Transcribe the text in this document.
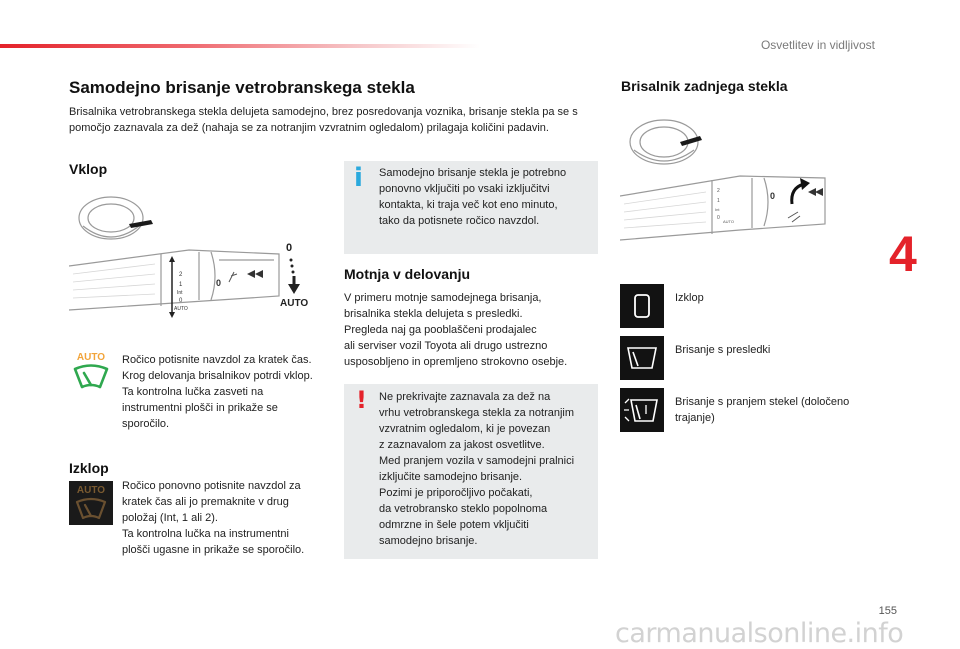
Osvetlitev in vidljivost
4
Samodejno brisanje vetrobranskega stekla
Brisalnika vetrobranskega stekla delujeta samodejno, brez posredovanja voznika, brisanje stekla pa se s pomočjo zaznavala za dež (nahaja se za notranjim vzvratnim ogledalom) prilagaja količini padavin.
Vklop
2
1
Int
0
AUTO
0
0
AUTO
AUTO	Ročico potisnite navzdol za kratek čas.
Krog delovanja brisalnikov potrdi vklop.
Ta kontrolna lučka zasveti na
instrumentni plošči in prikaže se
sporočilo.
Izklop
AUTO	Ročico ponovno potisnite navzdol za
kratek čas ali jo premaknite v drug
položaj (Int, 1 ali 2).
Ta kontrolna lučka na instrumentni
plošči ugasne in prikaže se sporočilo.
i Samodejno brisanje stekla je potrebno
ponovno vključiti po vsaki izključitvi
kontakta, ki traja več kot eno minuto,
tako da potisnete ročico navzdol.
Motnja v delovanju
V primeru motnje samodejnega brisanja,
brisalnika stekla delujeta s presledki.
Pregleda naj ga pooblaščeni prodajalec
ali serviser vozil Toyota ali drugo ustrezno
usposobljeno in opremljeno strokovno osebje.
! Ne prekrivajte zaznavala za dež na
vrhu vetrobranskega stekla za notranjim
vzvratnim ogledalom, ki je povezan
z zaznavalom za jakost osvetlitve.
Med pranjem vozila v samodejni pralnici
izključite samodejno brisanje.
Pozimi je priporočljivo počakati,
da vetrobransko steklo popolnoma
odmrzne in šele potem vključiti
samodejno brisanje.
Brisalnik zadnjega stekla
2
1
Int
0
AUTO
0
Izklop
Brisanje s presledki
Brisanje s pranjem stekel (določeno trajanje)
155
carmanualsonline.info
